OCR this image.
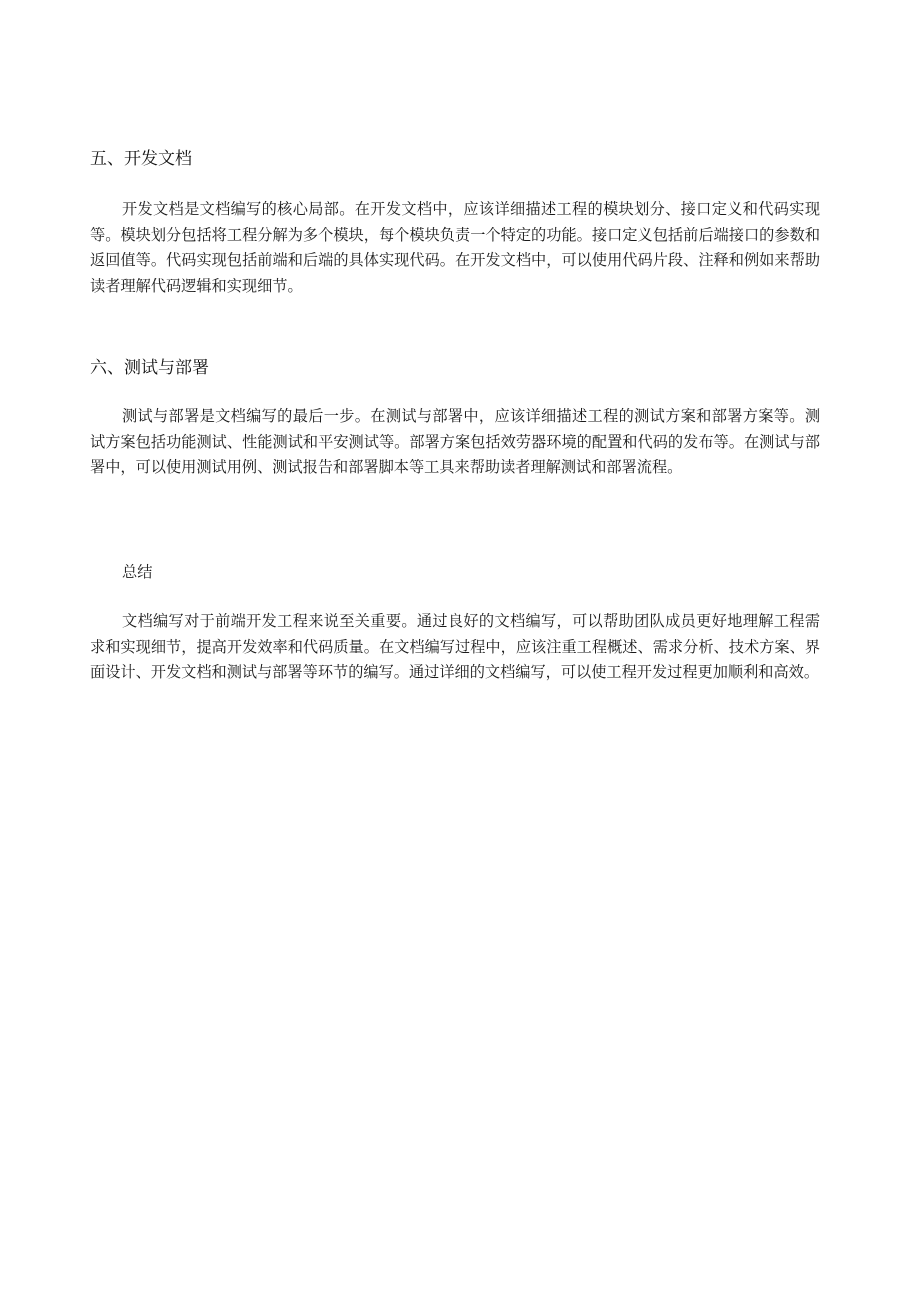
五、开发文档
开发文档是文档编写的核心局部。在开发文档中，应该详细描述工程的模块划分、接口定义和代码实现等。模块划分包括将工程分解为多个模块，每个模块负责一个特定的功能。接口定义包括前后端接口的参数和返回值等。代码实现包括前端和后端的具体实现代码。在开发文档中，可以使用代码片段、注释和例如来帮助读者理解代码逻辑和实现细节。
六、测试与部署
测试与部署是文档编写的最后一步。在测试与部署中，应该详细描述工程的测试方案和部署方案等。测试方案包括功能测试、性能测试和平安测试等。部署方案包括效劳器环境的配置和代码的发布等。在测试与部署中，可以使用测试用例、测试报告和部署脚本等工具来帮助读者理解测试和部署流程。
总结
文档编写对于前端开发工程来说至关重要。通过良好的文档编写，可以帮助团队成员更好地理解工程需求和实现细节，提高开发效率和代码质量。在文档编写过程中，应该注重工程概述、需求分析、技术方案、界面设计、开发文档和测试与部署等环节的编写。通过详细的文档编写，可以使工程开发过程更加顺利和高效。
